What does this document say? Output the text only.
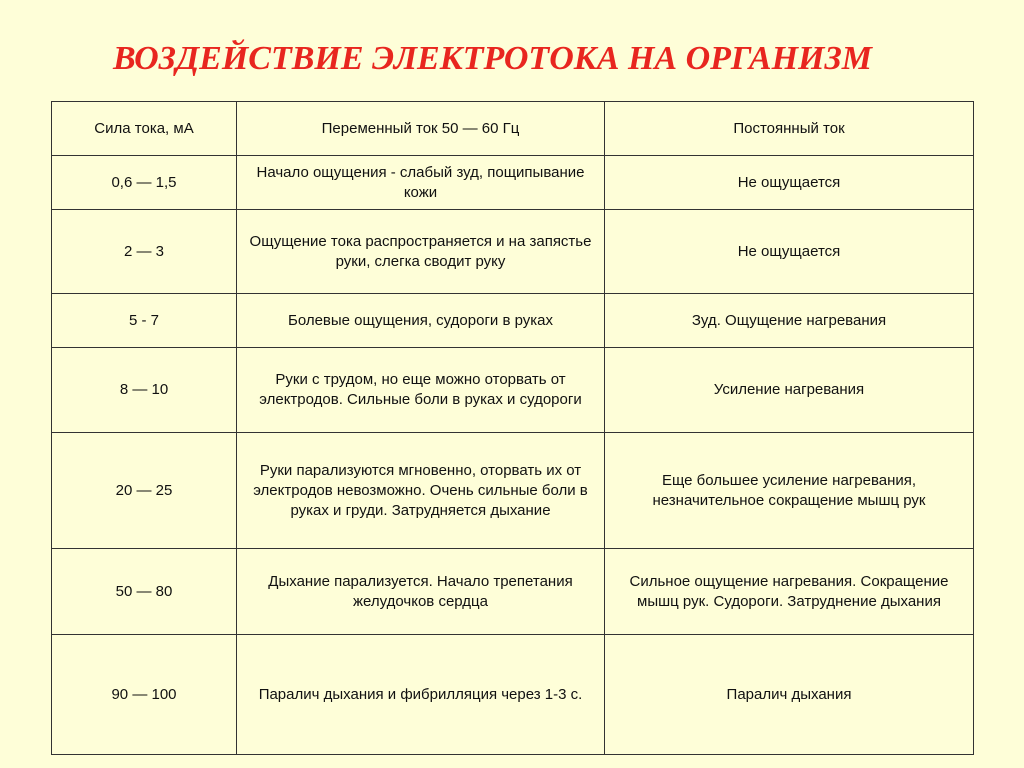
ВОЗДЕЙСТВИЕ ЭЛЕКТРОТОКА НА ОРГАНИЗМ
Сила тока, мА	Переменный ток 50 — 60 Гц	Постоянный ток
0,6 — 1,5	Начало ощущения - слабый зуд, пощипывание кожи	Не ощущается
2 — 3	Ощущение тока распространяется и на запястье руки, слегка сводит руку	Не ощущается
5 - 7	Болевые ощущения, судороги в руках	Зуд. Ощущение нагревания
8 — 10	Руки с трудом, но еще можно оторвать от электродов. Сильные боли в руках и судороги	Усиление нагревания
20 — 25	Руки парализуются мгновенно, оторвать их от электродов невозможно. Очень сильные боли в руках и груди. Затрудняется дыхание	Еще большее усиление нагревания, незначительное сокращение мышц рук
50 — 80	Дыхание парализуется. Начало трепетания желудочков сердца	Сильное ощущение нагревания. Сокращение мышц рук. Судороги. Затруднение дыхания
90 — 100	Паралич дыхания и фибрилляция через 1-3 с.	Паралич дыхания
